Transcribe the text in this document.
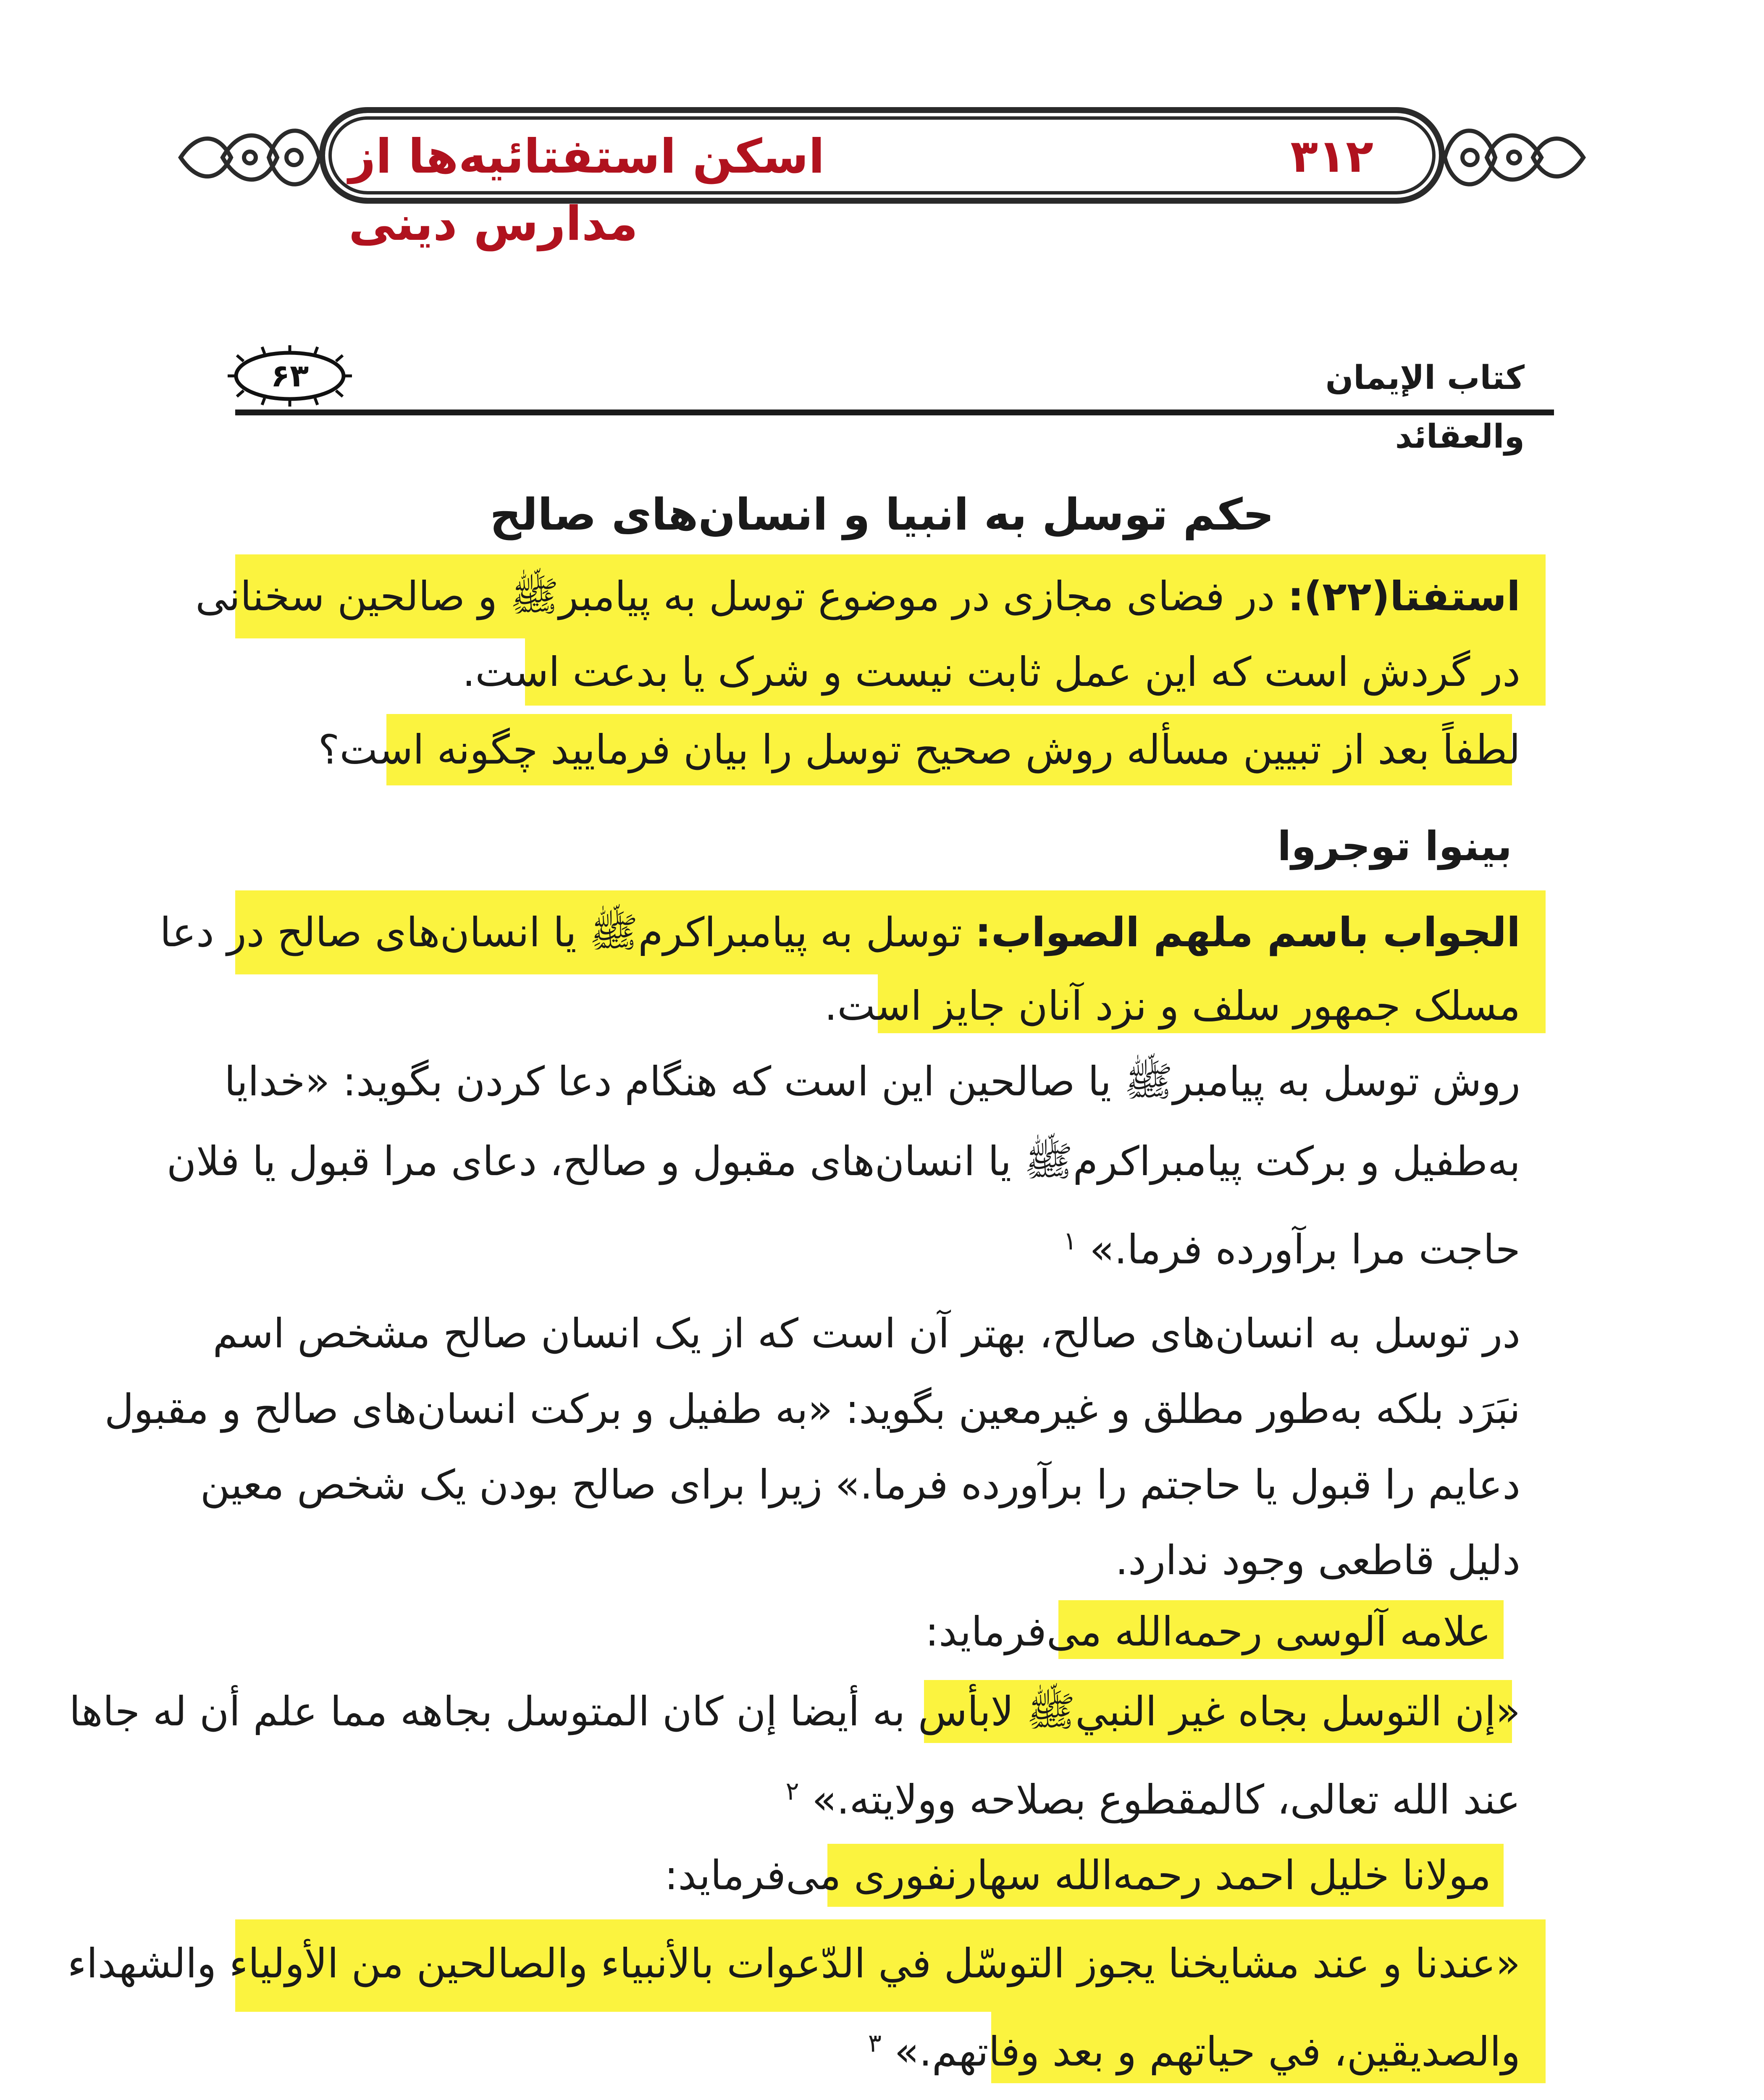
اسکن استفتائیه‌ها از مدارس دینی
۳۱۲
كتاب الإيمان والعقائد
۶۳
حکم توسل به انبیا و انسان‌های صالح
استفتا(۲۲): در فضای مجازی در موضوع توسل به پیامبرﷺ و صالحین سخنانی
در گردش است که این عمل ثابت نیست و شرک یا بدعت است.
لطفاً بعد از تبیین مسأله روش صحیح توسل را بیان فرمایید چگونه است؟
بینوا توجروا
الجواب باسم ملهم الصواب: توسل به پیامبراکرمﷺ یا انسان‌های صالح در دعا
مسلک جمهور سلف و نزد آنان جایز است.
روش توسل به پیامبرﷺ یا صالحین این است که هنگام دعا کردن بگوید: «خدایا
به‌طفیل و برکت پیامبراکرمﷺ یا انسان‌های مقبول و صالح، دعای مرا قبول یا فلان
حاجت مرا برآورده فرما.» $^۱$
در توسل به انسان‌های صالح، بهتر آن است که از یک انسان صالح مشخص اسم
نبَرَد بلکه به‌طور مطلق و غیرمعین بگوید: «به طفیل و برکت انسان‌های صالح و مقبول
دعایم را قبول یا حاجتم را برآورده فرما.» زیرا برای صالح بودن یک شخص معین
دلیل قاطعی وجود ندارد.
علامه آلوسی رحمه‌الله می‌فرماید:
«إن التوسل بجاه غير النبيﷺ لابأس به أيضا إن كان المتوسل بجاهه مما علم أن له جاها
عند الله تعالى، كالمقطوع بصلاحه وولايته.» $^۲$
مولانا خلیل احمد رحمه‌الله سهارنفوری می‌فرماید:
«عندنا و عند مشايخنا يجوز التوسّل في الدّعوات بالأنبياء والصالحين من الأولياء والشهداء
والصديقين، في حياتهم و بعد وفاتهم.» $^۳$
